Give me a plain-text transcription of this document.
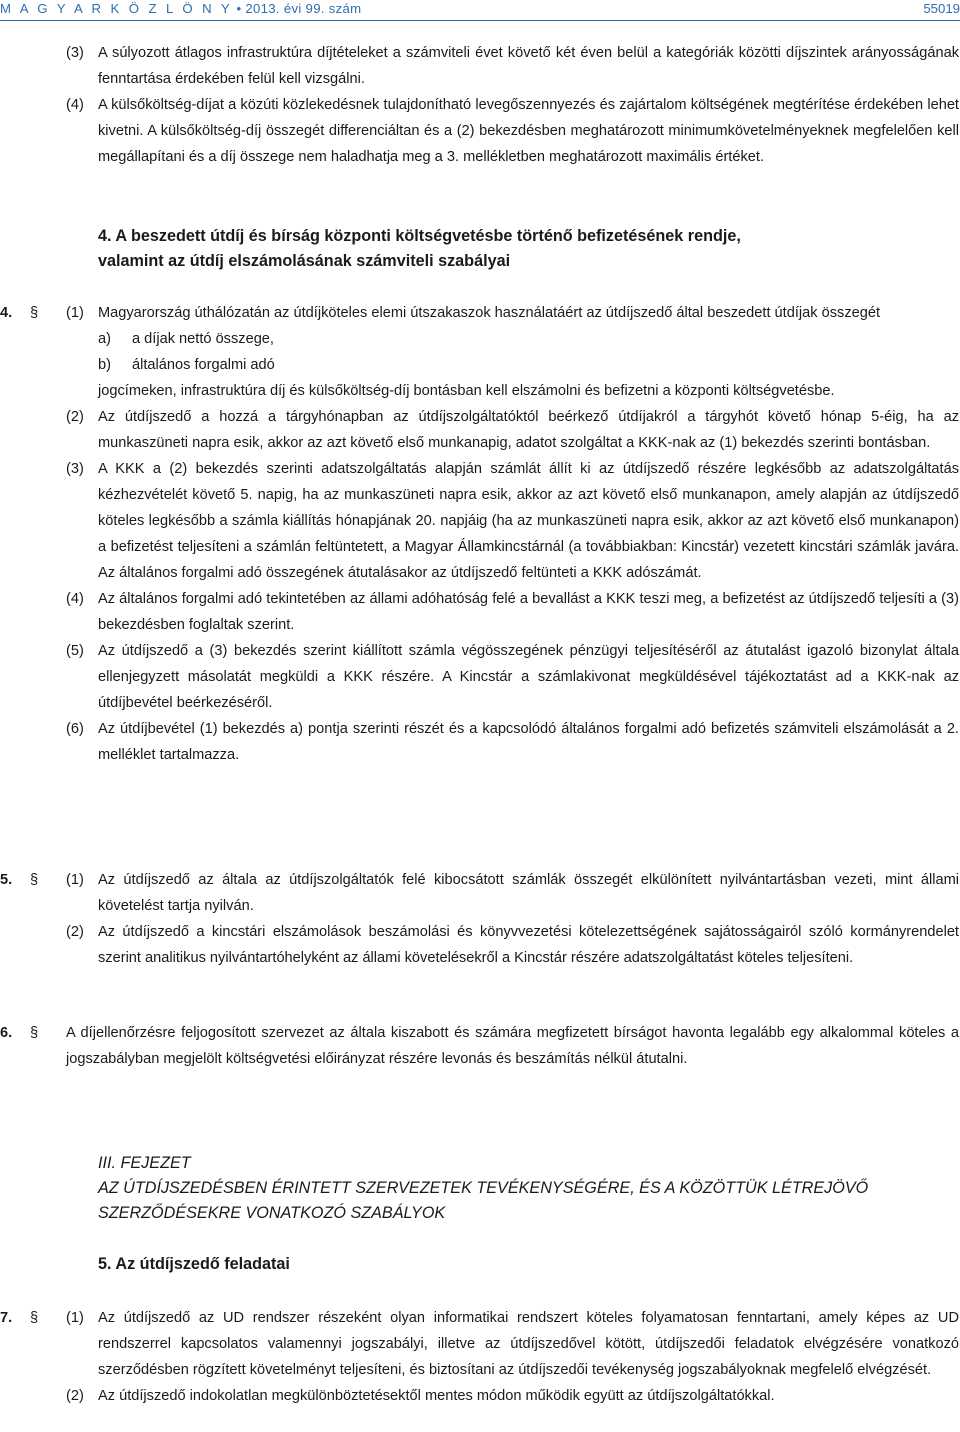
M A G Y A R K Ö Z L Ö N Y • 2013. évi 99. szám	55019
(3) A súlyozott átlagos infrastruktúra díjtételeket a számviteli évet követő két éven belül a kategóriák közötti díjszintek arányosságának fenntartása érdekében felül kell vizsgálni.
(4) A külsőköltség-díjat a közúti közlekedésnek tulajdonítható levegőszennyezés és zajártalom költségének megtérítése érdekében lehet kivetni. A külsőköltség-díj összegét differenciáltan és a (2) bekezdésben meghatározott minimumkövetelményeknek megfelelően kell megállapítani és a díj összege nem haladhatja meg a 3. mellékletben meghatározott maximális értéket.
4. A beszedett útdíj és bírság központi költségvetésbe történő befizetésének rendje,
valamint az útdíj elszámolásának számviteli szabályai
4.	§	(1) Magyarország úthálózatán az útdíjköteles elemi útszakaszok használatáért az útdíjszedő által beszedett útdíjak összegét
a)	a díjak nettó összege,
b)	általános forgalmi adó
jogcímeken, infrastruktúra díj és külsőköltség-díj bontásban kell elszámolni és befizetni a központi költségvetésbe.
(2) Az útdíjszedő a hozzá a tárgyhónapban az útdíjszolgáltatóktól beérkező útdíjakról a tárgyhót követő hónap 5-éig, ha az munkaszüneti napra esik, akkor az azt követő első munkanapig, adatot szolgáltat a KKK-nak az (1) bekezdés szerinti bontásban.
(3) A KKK a (2) bekezdés szerinti adatszolgáltatás alapján számlát állít ki az útdíjszedő részére legkésőbb az adatszolgáltatás kézhezvételét követő 5. napig, ha az munkaszüneti napra esik, akkor az azt követő első munkanapon, amely alapján az útdíjszedő köteles legkésőbb a számla kiállítás hónapjának 20. napjáig (ha az munkaszüneti napra esik, akkor az azt követő első munkanapon) a befizetést teljesíteni a számlán feltüntetett, a Magyar Államkincstárnál (a továbbiakban: Kincstár) vezetett kincstári számlák javára. Az általános forgalmi adó összegének átutalásakor az útdíjszedő feltünteti a KKK adószámát.
(4) Az általános forgalmi adó tekintetében az állami adóhatóság felé a bevallást a KKK teszi meg, a befizetést az útdíjszedő teljesíti a (3) bekezdésben foglaltak szerint.
(5) Az útdíjszedő a (3) bekezdés szerint kiállított számla végösszegének pénzügyi teljesítéséről az átutalást igazoló bizonylat általa ellenjegyzett másolatát megküldi a KKK részére. A Kincstár a számlakivonat megküldésével tájékoztatást ad a KKK-nak az útdíjbevétel beérkezéséről.
(6) Az útdíjbevétel (1) bekezdés a) pontja szerinti részét és a kapcsolódó általános forgalmi adó befizetés számviteli elszámolását a 2. melléklet tartalmazza.
5.	§	(1) Az útdíjszedő az általa az útdíjszolgáltatók felé kibocsátott számlák összegét elkülönített nyilvántartásban vezeti, mint állami követelést tartja nyilván.
(2) Az útdíjszedő a kincstári elszámolások beszámolási és könyvvezetési kötelezettségének sajátosságairól szóló kormányrendelet szerint analitikus nyilvántartóhelyként az állami követelésekről a Kincstár részére adatszolgáltatást köteles teljesíteni.
6.	§	A díjellenőrzésre feljogosított szervezet az általa kiszabott és számára megfizetett bírságot havonta legalább egy alkalommal köteles a jogszabályban megjelölt költségvetési előirányzat részére levonás és beszámítás nélkül átutalni.
III. FEJEZET
AZ ÚTDÍJSZEDÉSBEN ÉRINTETT SZERVEZETEK TEVÉKENYSÉGÉRE, ÉS A KÖZÖTTÜK LÉTREJÖVŐ
SZERZŐDÉSEKRE VONATKOZÓ SZABÁLYOK
5. Az útdíjszedő feladatai
7.	§	(1) Az útdíjszedő az UD rendszer részeként olyan informatikai rendszert köteles folyamatosan fenntartani, amely képes az UD rendszerrel kapcsolatos valamennyi jogszabályi, illetve az útdíjszedővel kötött, útdíjszedői feladatok elvégzésére vonatkozó szerződésben rögzített követelményt teljesíteni, és biztosítani az útdíjszedői tevékenység jogszabályoknak megfelelő elvégzését.
(2) Az útdíjszedő indokolatlan megkülönböztetésektől mentes módon működik együtt az útdíjszolgáltatókkal.
